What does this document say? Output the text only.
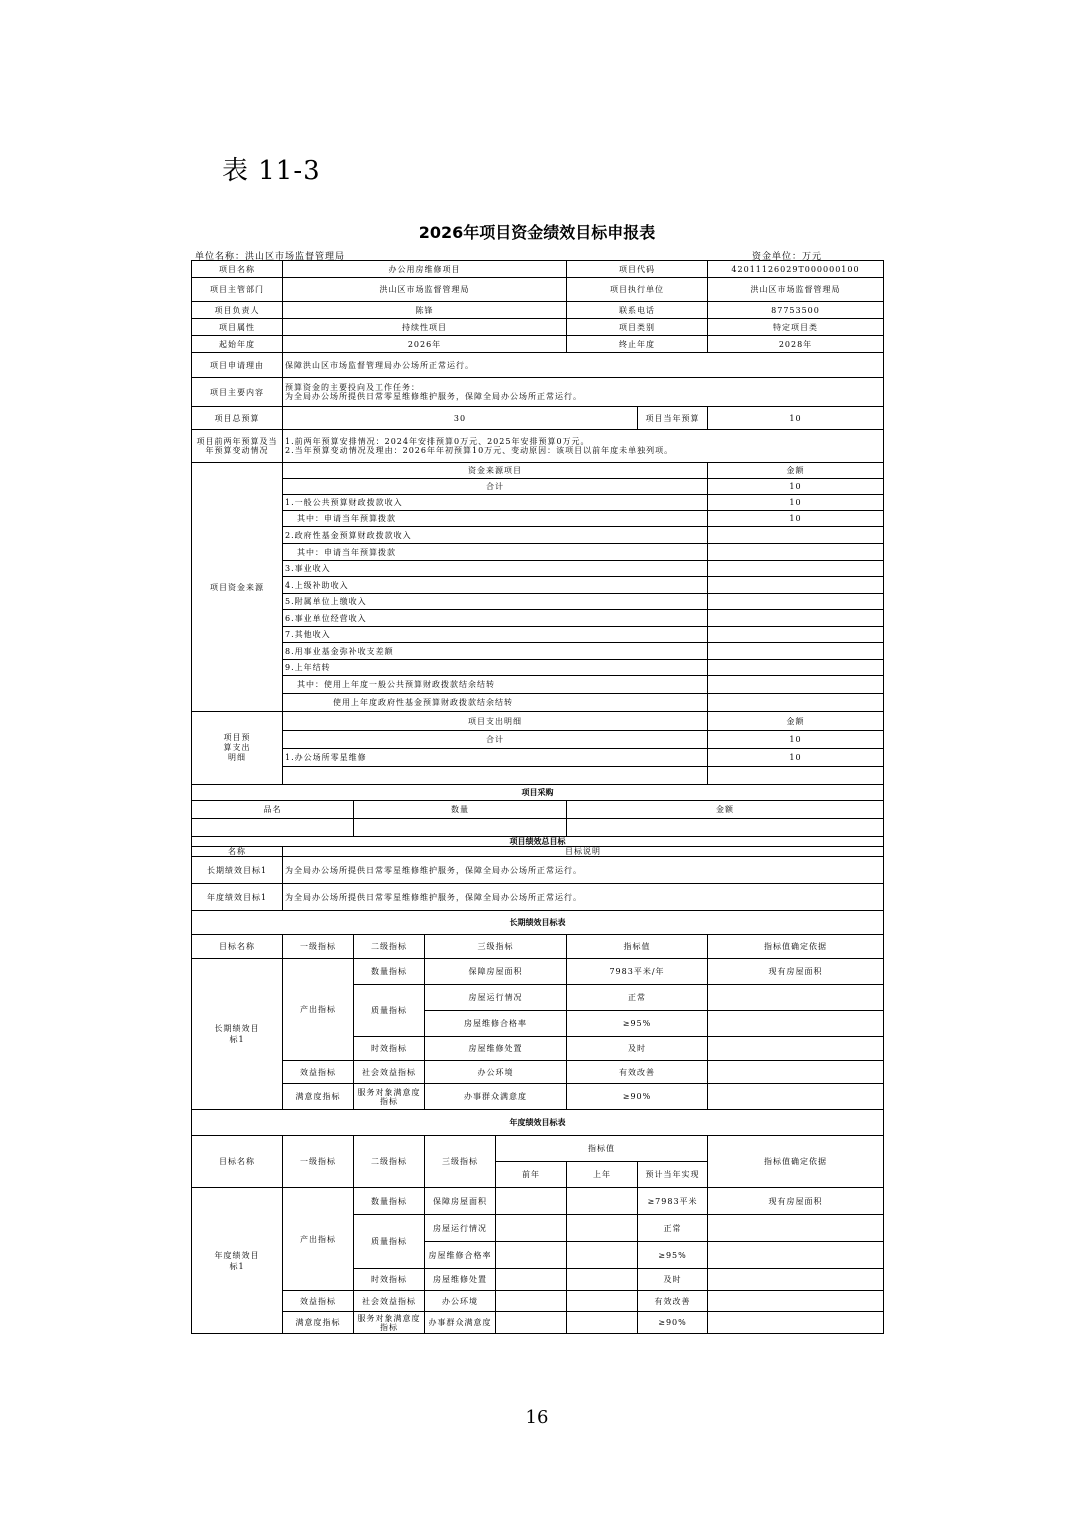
表 11-3
2026年项目资金绩效目标申报表
单位名称：洪山区市场监督管理局	资金单位：万元
项目名称	办公用房维修项目				项目代码		42011126029T000000100
项目主管部门	洪山区市场监督管理局				项目执行单位		洪山区市场监督管理局
项目负责人	陈锋				联系电话		87753500
项目属性	持续性项目				项目类别		特定项目类
起始年度	2026年				终止年度		2028年
项目申请理由	保障洪山区市场监督管理局办公场所正常运行。						
项目主要内容	预算资金的主要投向及工作任务：
为全局办公场所提供日常零星维修维护服务，保障全局办公场所正常运行。						

项目总预算	30					项目当年预算	10
项目前两年预算及当年预算变动情况	1.前两年预算安排情况：2024年安排预算0万元、2025年安排预算0万元。
2.当年预算变动情况及理由：2026年年初预算10万元、变动原因：该项目以前年度未单独列项。						

项目资金来源	资金来源项目						金额
	合计						10
	1.一般公共预算财政拨款收入						10
	其中：申请当年预算拨款						10
	2.政府性基金预算财政拨款收入						
	其中：申请当年预算拨款						
	3.事业收入						
	4.上级补助收入						
	5.附属单位上缴收入						
	6.事业单位经营收入						
	7.其他收入						
	8.用事业基金弥补收支差额						
	9.上年结转						
	其中：使用上年度一般公共预算财政拨款结余结转						
	使用上年度政府性基金预算财政拨款结余结转						

项目预算支出明细	项目支出明细						金额
	合计						10
	1.办公场所零星维修						10

项目采购							
品名		数量			金额		

项目绩效总目标							
名称	目标说明						
长期绩效目标1	为全局办公场所提供日常零星维修维护服务，保障全局办公场所正常运行。						
年度绩效目标1	为全局办公场所提供日常零星维修维护服务，保障全局办公场所正常运行。						
长期绩效目标表							
目标名称	一级指标	二级指标	三级指标		指标值		指标值确定依据

长期绩效目标1	产出指标	数量指标	保障房屋面积		7983平米/年		现有房屋面积
		质量指标	房屋运行情况		正常		
			房屋维修合格率		≥95%		
		时效指标	房屋维修处置		及时		
	效益指标	社会效益指标	办公环境		有效改善		
	满意度指标	服务对象满意度指标	办事群众满意度		≥90%		
年度绩效目标表							
目标名称	一级指标	二级指标	三级指标	指标值			指标值确定依据
				前年	上年	预计当年实现	

年度绩效目标1	产出指标	数量指标	保障房屋面积			≥7983平米	现有房屋面积
		质量指标	房屋运行情况			正常	
			房屋维修合格率			≥95%	
		时效指标	房屋维修处置			及时	
	效益指标	社会效益指标	办公环境			有效改善	
	满意度指标	服务对象满意度指标	办事群众满意度			≥90%	
16
